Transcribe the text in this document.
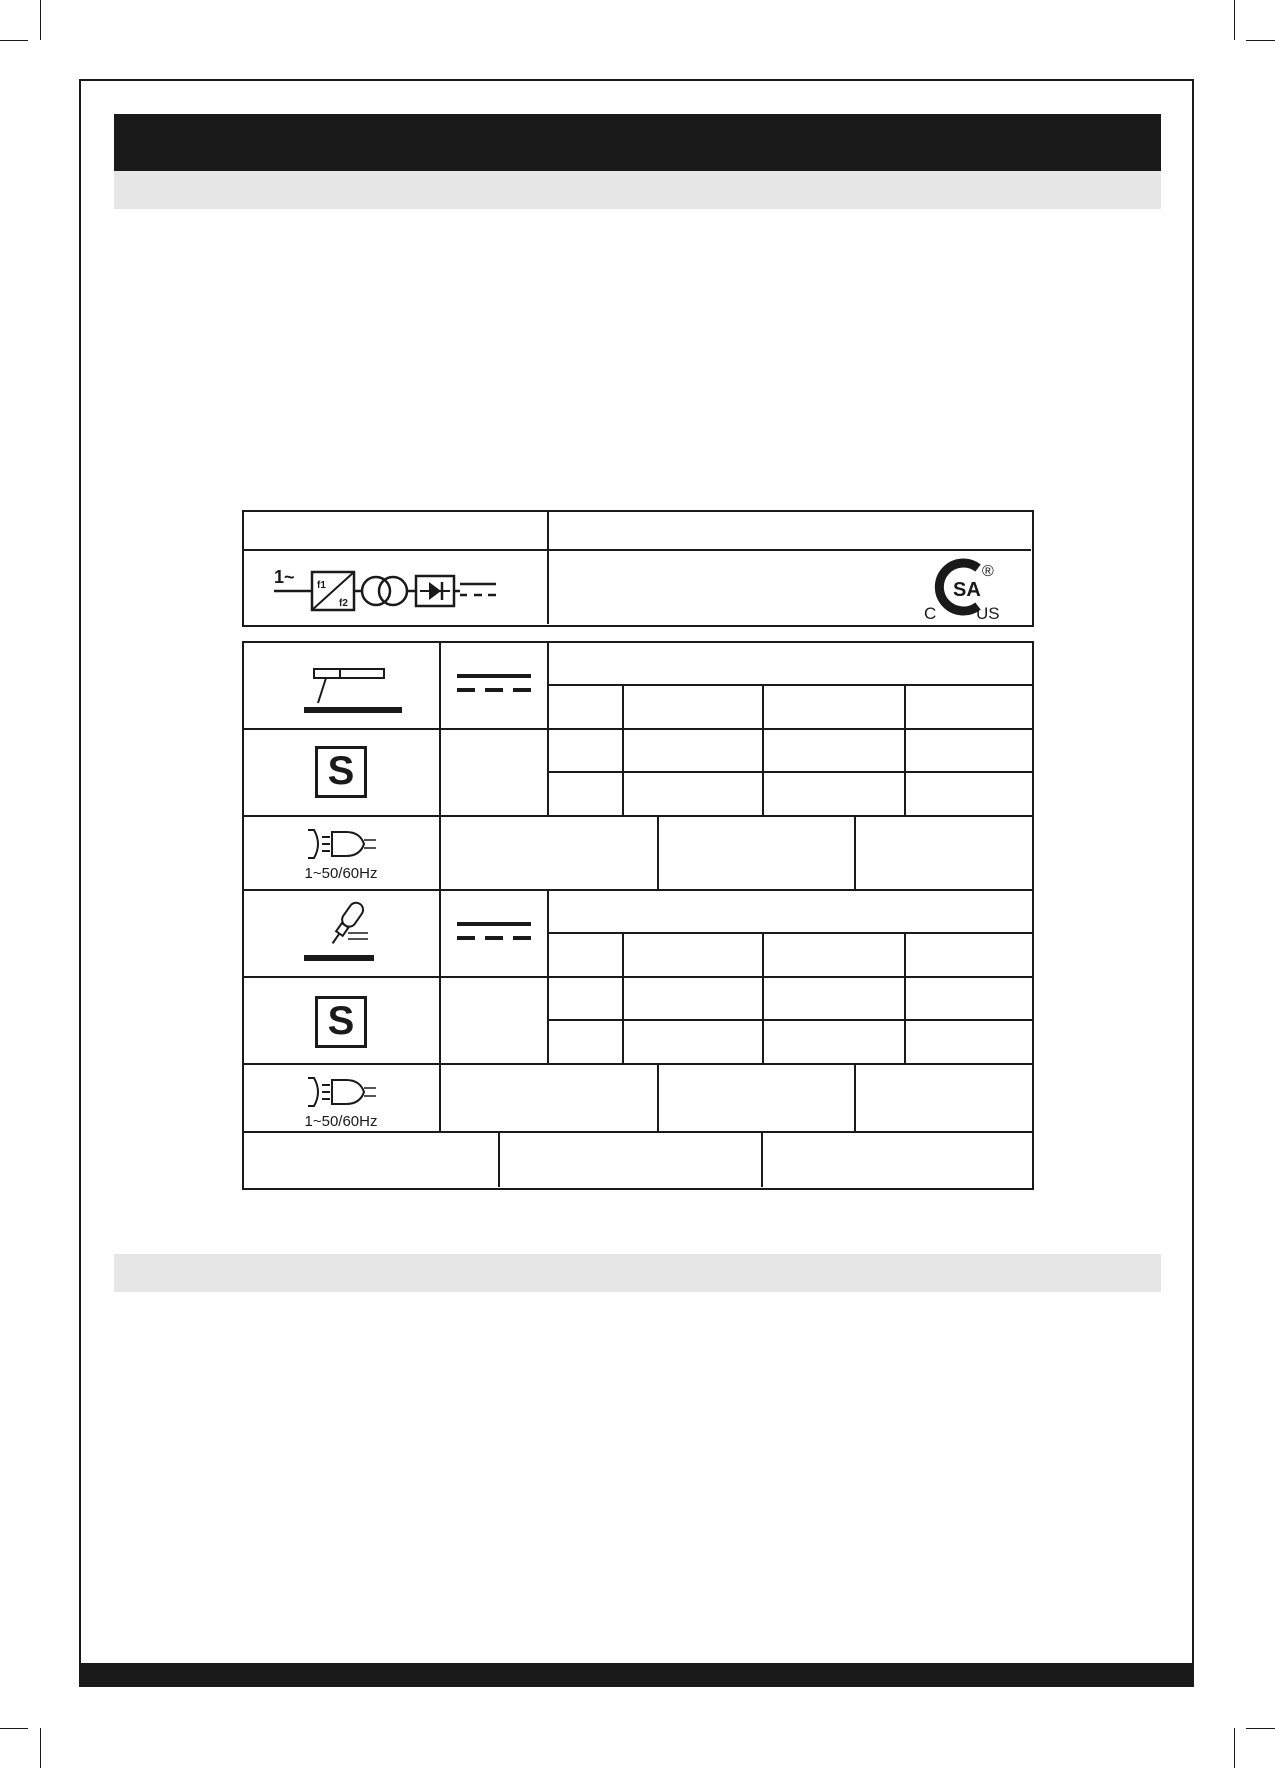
1~ f1
f2
SA
®
C US
S
1~50/60Hz
S
1~50/60Hz
